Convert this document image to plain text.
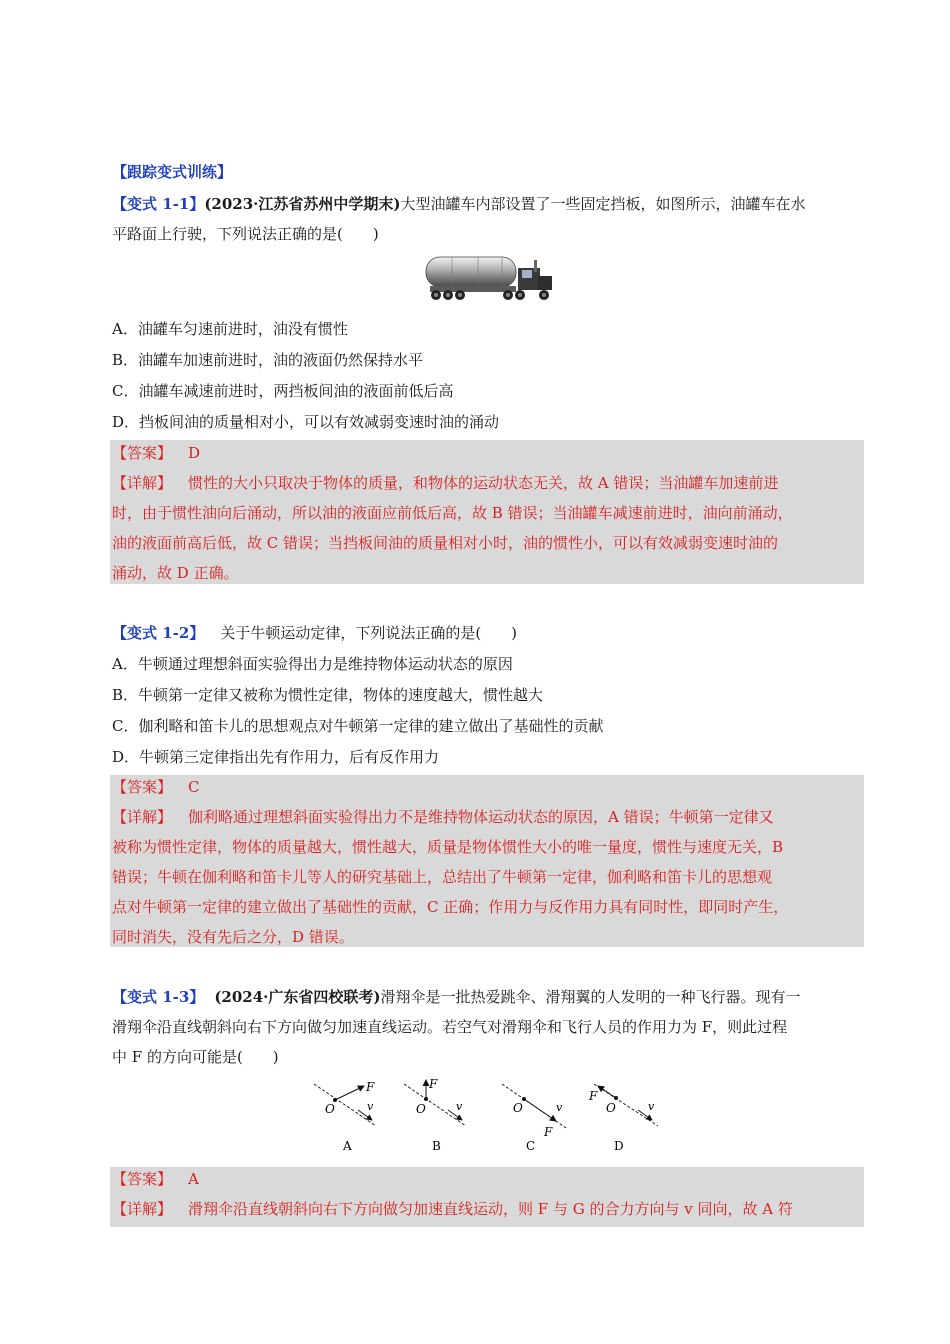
【跟踪变式训练】
【变式 1-1】(2023·江苏省苏州中学期末)大型油罐车内部设置了一些固定挡板，如图所示，油罐车在水
平路面上行驶，下列说法正确的是(　　)
A．油罐车匀速前进时，油没有惯性
B．油罐车加速前进时，油的液面仍然保持水平
C．油罐车减速前进时，两挡板间油的液面前低后高
D．挡板间油的质量相对小，可以有效减弱变速时油的涌动
【答案】 D
【详解】 惯性的大小只取决于物体的质量，和物体的运动状态无关，故 A 错误；当油罐车加速前进
时，由于惯性油向后涌动，所以油的液面应前低后高，故 B 错误；当油罐车减速前进时，油向前涌动，
油的液面前高后低，故 C 错误；当挡板间油的质量相对小时，油的惯性小，可以有效减弱变速时油的
涌动，故 D 正确。
【变式 1-2】 关于牛顿运动定律，下列说法正确的是(　　)
A．牛顿通过理想斜面实验得出力是维持物体运动状态的原因
B．牛顿第一定律又被称为惯性定律，物体的速度越大，惯性越大
C．伽利略和笛卡儿的思想观点对牛顿第一定律的建立做出了基础性的贡献
D．牛顿第三定律指出先有作用力，后有反作用力
【答案】 C
【详解】 伽利略通过理想斜面实验得出力不是维持物体运动状态的原因，A 错误；牛顿第一定律又
被称为惯性定律，物体的质量越大，惯性越大，质量是物体惯性大小的唯一量度，惯性与速度无关，B
错误；牛顿在伽利略和笛卡儿等人的研究基础上，总结出了牛顿第一定律，伽利略和笛卡儿的思想观
点对牛顿第一定律的建立做出了基础性的贡献，C 正确；作用力与反作用力具有同时性，即同时产生，
同时消失，没有先后之分，D 错误。
【变式 1-3】 (2024·广东省四校联考)滑翔伞是一批热爱跳伞、滑翔翼的人发明的一种飞行器。现有一
滑翔伞沿直线朝斜向右下方向做匀加速直线运动。若空气对滑翔伞和飞行人员的作用力为 F，则此过程
中 F 的方向可能是(　　)
O
F
v
A
O
F
v
B
O
F
v
C
O
F
v
D
【答案】 A
【详解】 滑翔伞沿直线朝斜向右下方向做匀加速直线运动，则 F 与 G 的合力方向与 v 同向，故 A 符
